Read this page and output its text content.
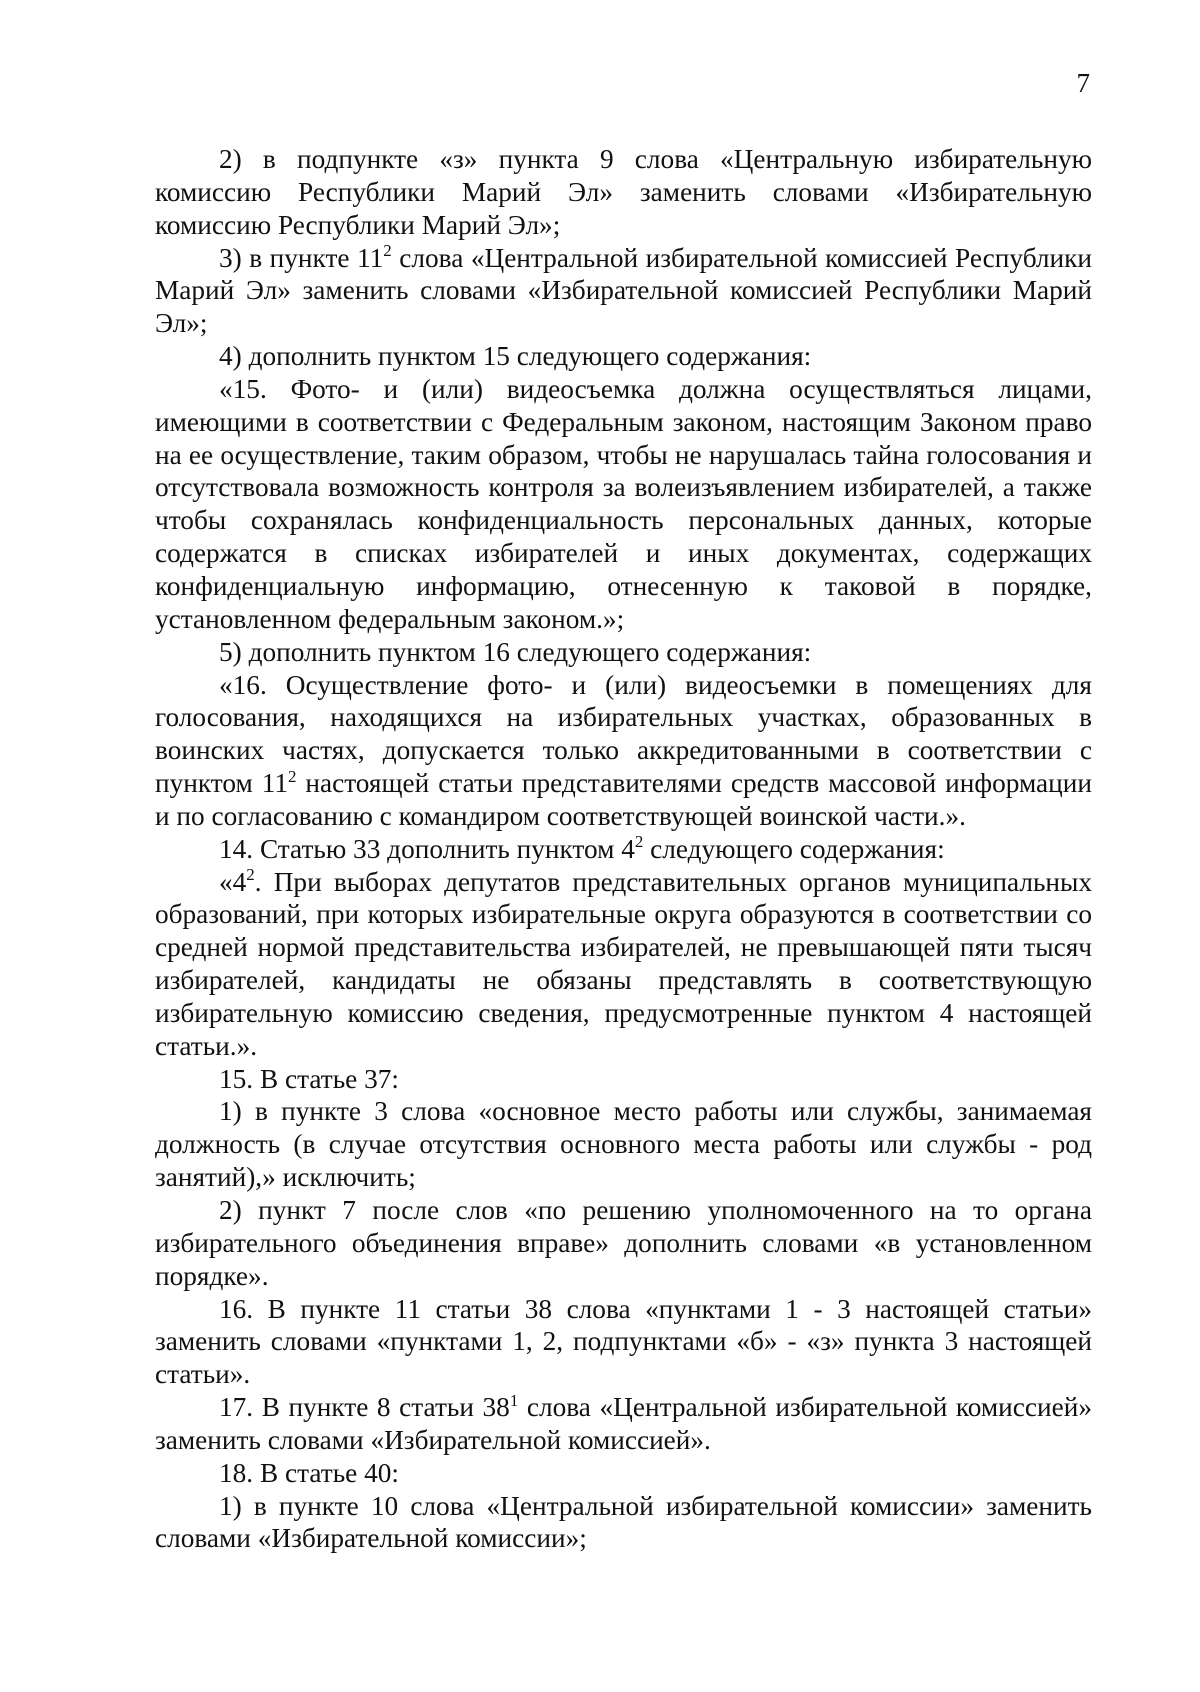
7

2) в подпункте «з» пункта 9 слова «Центральную избирательную комиссию Республики Марий Эл» заменить словами «Избирательную комиссию Республики Марий Эл»;

3) в пункте $11^2$ слова «Центральной избирательной комиссией Республики Марий Эл» заменить словами «Избирательной комиссией Республики Марий Эл»;

4) дополнить пунктом 15 следующего содержания:

«15. Фото- и (или) видеосъемка должна осуществляться лицами, имеющими в соответствии с Федеральным законом, настоящим Законом право на ее осуществление, таким образом, чтобы не нарушалась тайна голосования и отсутствовала возможность контроля за волеизъявлением избирателей, а также чтобы сохранялась конфиденциальность персональных данных, которые содержатся в списках избирателей и иных документах, содержащих конфиденциальную информацию, отнесенную к таковой в порядке, установленном федеральным законом.»;

5) дополнить пунктом 16 следующего содержания:

«16. Осуществление фото- и (или) видеосъемки в помещениях для голосования, находящихся на избирательных участках, образованных в воинских частях, допускается только аккредитованными в соответствии с пунктом $11^2$ настоящей статьи представителями средств массовой информации и по согласованию с командиром соответствующей воинской части.».

14. Статью 33 дополнить пунктом $4^2$ следующего содержания:

«$4^2$. При выборах депутатов представительных органов муниципальных образований, при которых избирательные округа образуются в соответствии со средней нормой представительства избирателей, не превышающей пяти тысяч избирателей, кандидаты не обязаны представлять в соответствующую избирательную комиссию сведения, предусмотренные пунктом 4 настоящей статьи.».

15. В статье 37:

1) в пункте 3 слова «основное место работы или службы, занимаемая должность (в случае отсутствия основного места работы или службы - род занятий),» исключить;

2) пункт 7 после слов «по решению уполномоченного на то органа избирательного объединения вправе» дополнить словами «в установленном порядке».

16. В пункте 11 статьи 38 слова «пунктами 1 - 3 настоящей статьи» заменить словами «пунктами 1, 2, подпунктами «б» - «з» пункта 3 настоящей статьи».

17. В пункте 8 статьи $38^1$ слова «Центральной избирательной комиссией» заменить словами «Избирательной комиссией».

18. В статье 40:

1) в пункте 10 слова «Центральной избирательной комиссии» заменить словами «Избирательной комиссии»;
